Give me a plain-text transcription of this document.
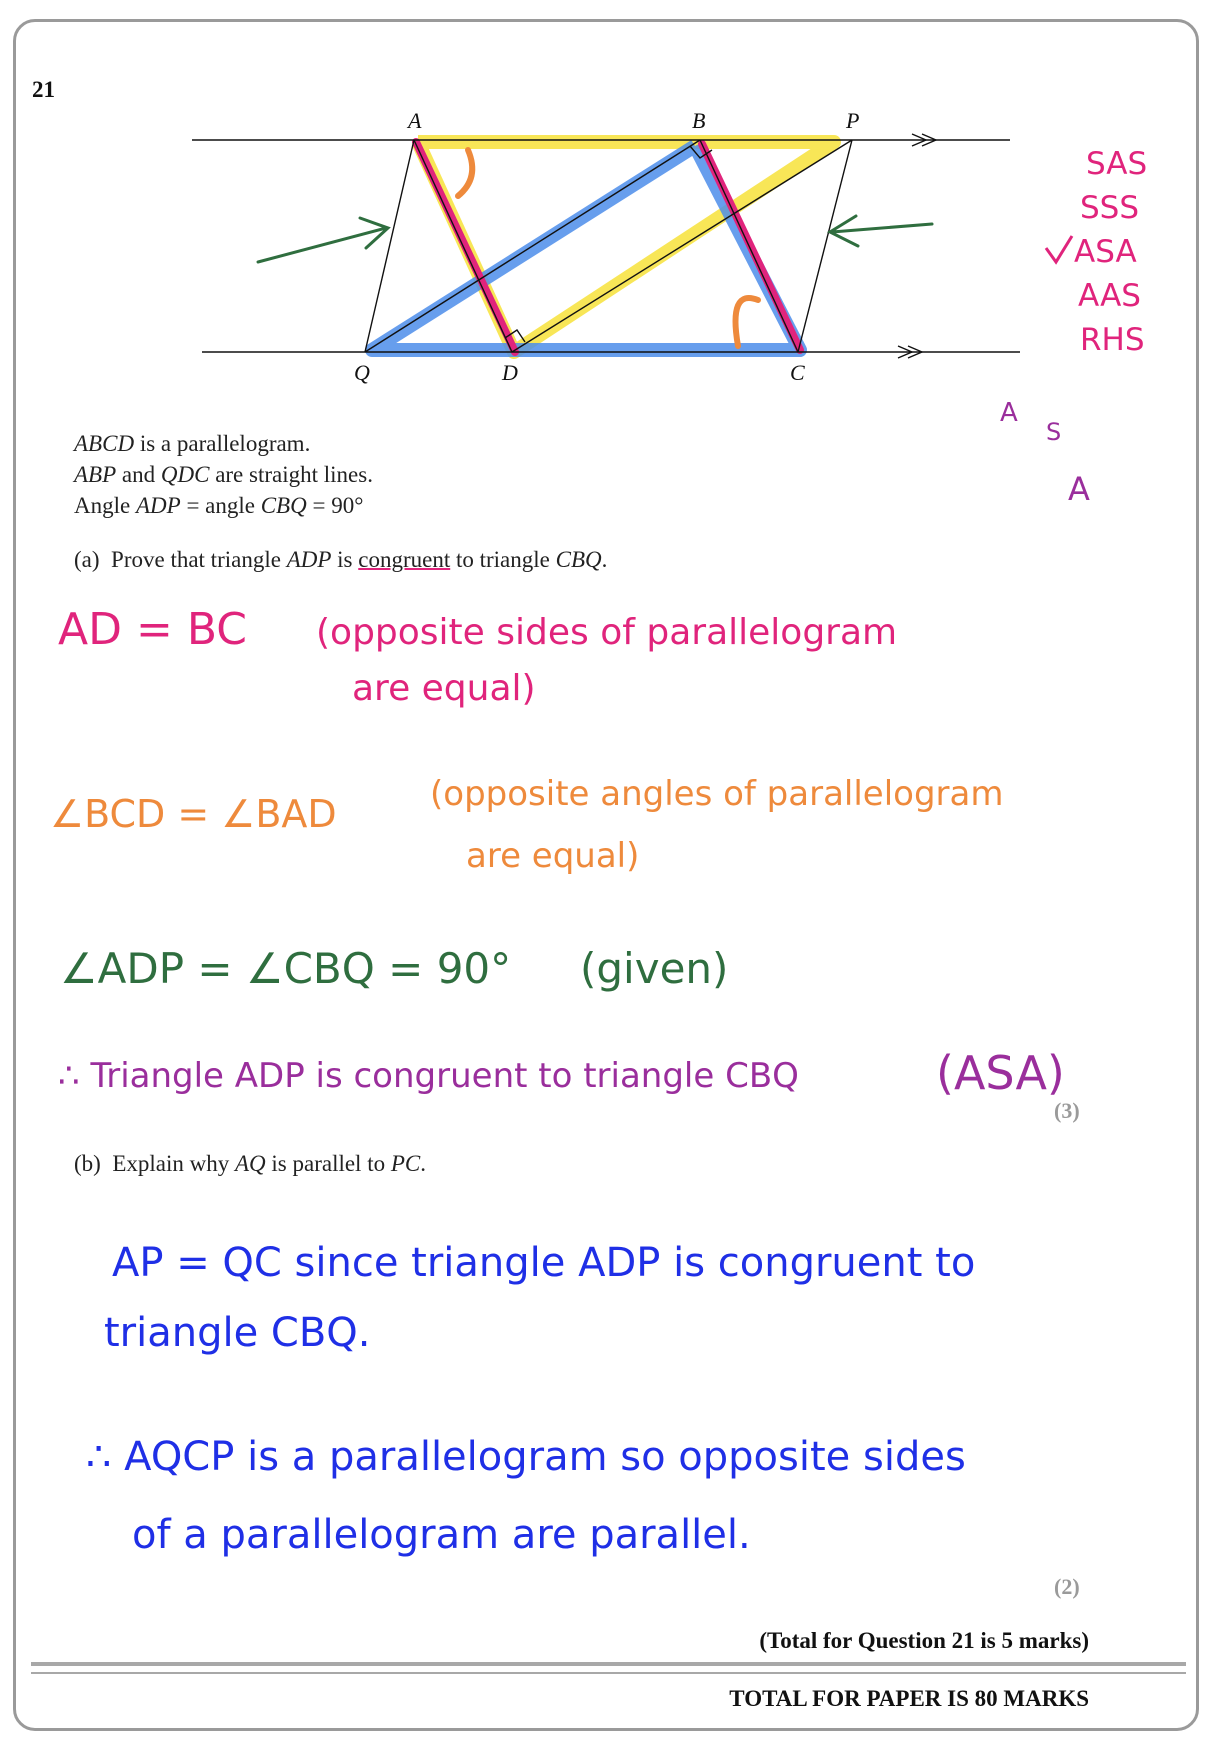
21

A	B	P
Q	D	C
SAS
SSS
ASA
AAS
RHS
A
S
A
ABCD is a parallelogram.
ABP and QDC are straight lines.
Angle ADP = angle CBQ = 90°
(a) Prove that triangle ADP is congruent to triangle CBQ.
AD = BC (opposite sides of parallelogram
are equal)
∠BCD = ∠BAD	(opposite angles of parallelogram
are equal)
∠ADP = ∠CBQ = 90° (given)
∴ Triangle ADP is congruent to triangle CBQ	(ASA)
(3)
(b) Explain why AQ is parallel to PC.
AP = QC since triangle ADP is congruent to
triangle CBQ.
∴ AQCP is a parallelogram so opposite sides
of a parallelogram are parallel.
(2)
(Total for Question 21 is 5 marks)
TOTAL FOR PAPER IS 80 MARKS
